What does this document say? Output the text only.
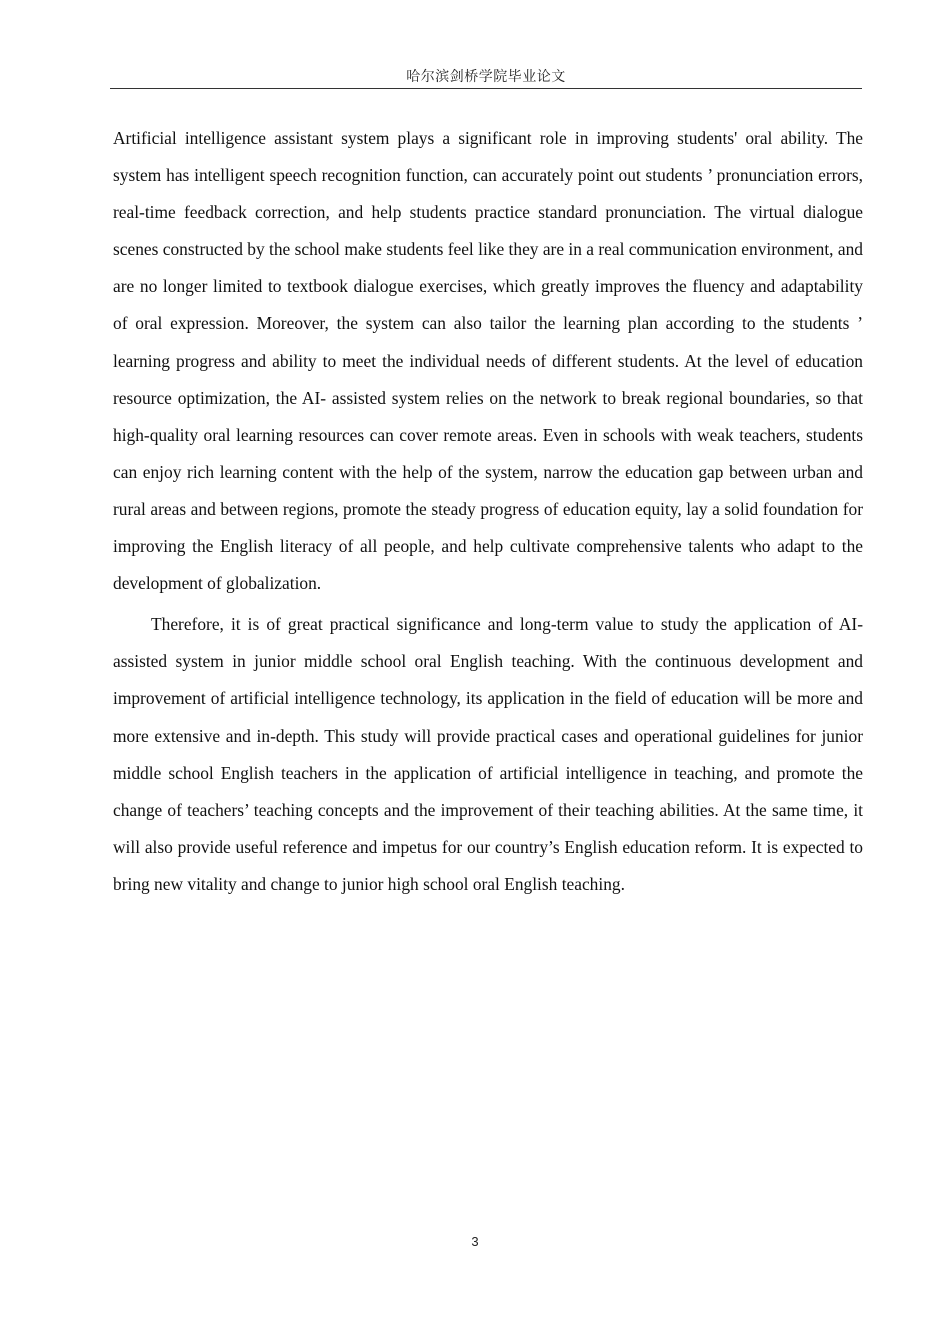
哈尔滨剑桥学院毕业论文

Artificial intelligence assistant system plays a significant role in improving students' oral ability. The system has intelligent speech recognition function, can accurately point out students ’ pronunciation errors, real-time feedback correction, and help students practice standard pronunciation. The virtual dialogue scenes constructed by the school make students feel like they are in a real communication environment, and are no longer limited to textbook dialogue exercises, which greatly improves the fluency and adaptability of oral expression. Moreover, the system can also tailor the learning plan according to the students ’ learning progress and ability to meet the individual needs of different students. At the level of education resource optimization, the AI- assisted system relies on the network to break regional boundaries, so that high-quality oral learning resources can cover remote areas. Even in schools with weak teachers, students can enjoy rich learning content with the help of the system, narrow the education gap between urban and rural areas and between regions, promote the steady progress of education equity, lay a solid foundation for improving the English literacy of all people, and help cultivate comprehensive talents who adapt to the development of globalization.

Therefore, it is of great practical significance and long-term value to study the application of AI-assisted system in junior middle school oral English teaching. With the continuous development and improvement of artificial intelligence technology, its application in the field of education will be more and more extensive and in-depth. This study will provide practical cases and operational guidelines for junior middle school English teachers in the application of artificial intelligence in teaching, and promote the change of teachers’ teaching concepts and the improvement of their teaching abilities. At the same time, it will also provide useful reference and impetus for our country’s English education reform. It is expected to bring new vitality and change to junior high school oral English teaching.

3
